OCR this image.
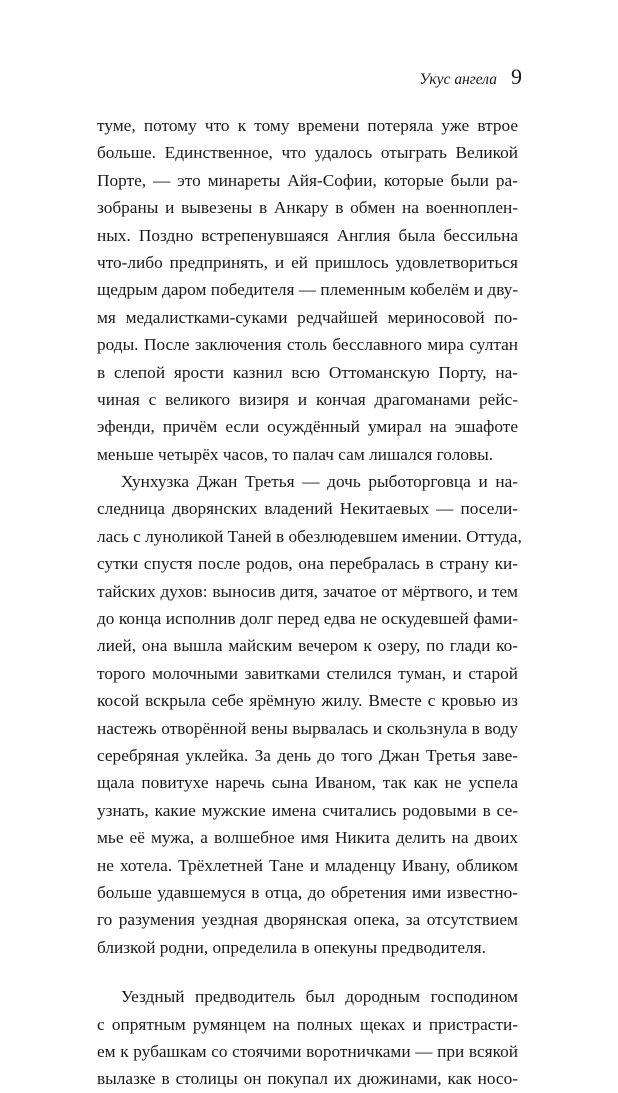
Укус ангела 9
туме, потому что к тому времени потеряла уже втрое
больше. Единственное, что удалось отыграть Великой
Порте, — это минареты Айя-Софии, которые были ра-
зобраны и вывезены в Анкару в обмен на военноплен-
ных. Поздно встрепенувшаяся Англия была бессильна
что-либо предпринять, и ей пришлось удовлетвориться
щедрым даром победителя — племенным кобелём и дву-
мя медалистками-суками редчайшей мериносовой по-
роды. После заключения столь бесславного мира султан
в слепой ярости казнил всю Оттоманскую Порту, на-
чиная с великого визиря и кончая драгоманами рейс-
эфенди, причём если осуждённый умирал на эшафоте
меньше четырёх часов, то палач сам лишался головы.
Хунхузка Джан Третья — дочь рыботорговца и на-
следница дворянских владений Некитаевых — посели-
лась с луноликой Таней в обезлюдевшем имении. Оттуда,
сутки спустя после родов, она перебралась в страну ки-
тайских духов: выносив дитя, зачатое от мёртвого, и тем
до конца исполнив долг перед едва не оскудевшей фами-
лией, она вышла майским вечером к озеру, по глади ко-
торого молочными завитками стелился туман, и старой
косой вскрыла себе ярёмную жилу. Вместе с кровью из
настежь отворённой вены вырвалась и скользнула в воду
серебряная уклейка. За день до того Джан Третья заве-
щала повитухе наречь сына Иваном, так как не успела
узнать, какие мужские имена считались родовыми в се-
мье её мужа, а волшебное имя Никита делить на двоих
не хотела. Трёхлетней Тане и младенцу Ивану, обликом
больше удавшемуся в отца, до обретения ими известно-
го разумения уездная дворянская опека, за отсутствием
близкой родни, определила в опекуны предводителя.
Уездный предводитель был дородным господином
с опрятным румянцем на полных щеках и пристрасти-
ем к рубашкам со стоячими воротничками — при всякой
вылазке в столицы он покупал их дюжинами, как носо-
